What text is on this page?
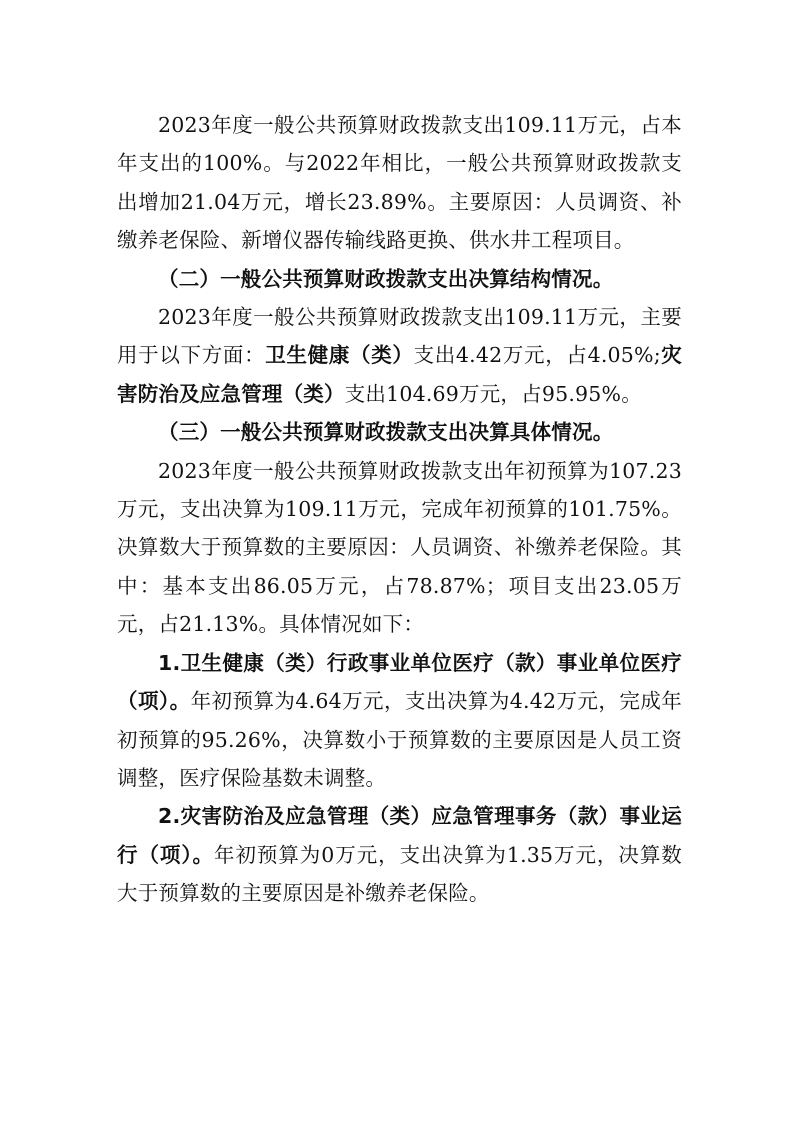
2023年度一般公共预算财政拨款支出109.11万元，占本年支出的100%。与2022年相比，一般公共预算财政拨款支出增加21.04万元，增长23.89%。主要原因：人员调资、补缴养老保险、新增仪器传输线路更换、供水井工程项目。

（二）一般公共预算财政拨款支出决算结构情况。

2023年度一般公共预算财政拨款支出109.11万元，主要用于以下方面：卫生健康（类）支出4.42万元，占4.05%;灾害防治及应急管理（类）支出104.69万元，占95.95%。

（三）一般公共预算财政拨款支出决算具体情况。

2023年度一般公共预算财政拨款支出年初预算为107.23万元，支出决算为109.11万元，完成年初预算的101.75%。决算数大于预算数的主要原因：人员调资、补缴养老保险。其中：基本支出86.05万元，占78.87%；项目支出23.05万元，占21.13%。具体情况如下：

1.卫生健康（类）行政事业单位医疗（款）事业单位医疗（项）。年初预算为4.64万元，支出决算为4.42万元，完成年初预算的95.26%，决算数小于预算数的主要原因是人员工资调整，医疗保险基数未调整。

2.灾害防治及应急管理（类）应急管理事务（款）事业运行（项）。年初预算为0万元，支出决算为1.35万元，决算数大于预算数的主要原因是补缴养老保险。
